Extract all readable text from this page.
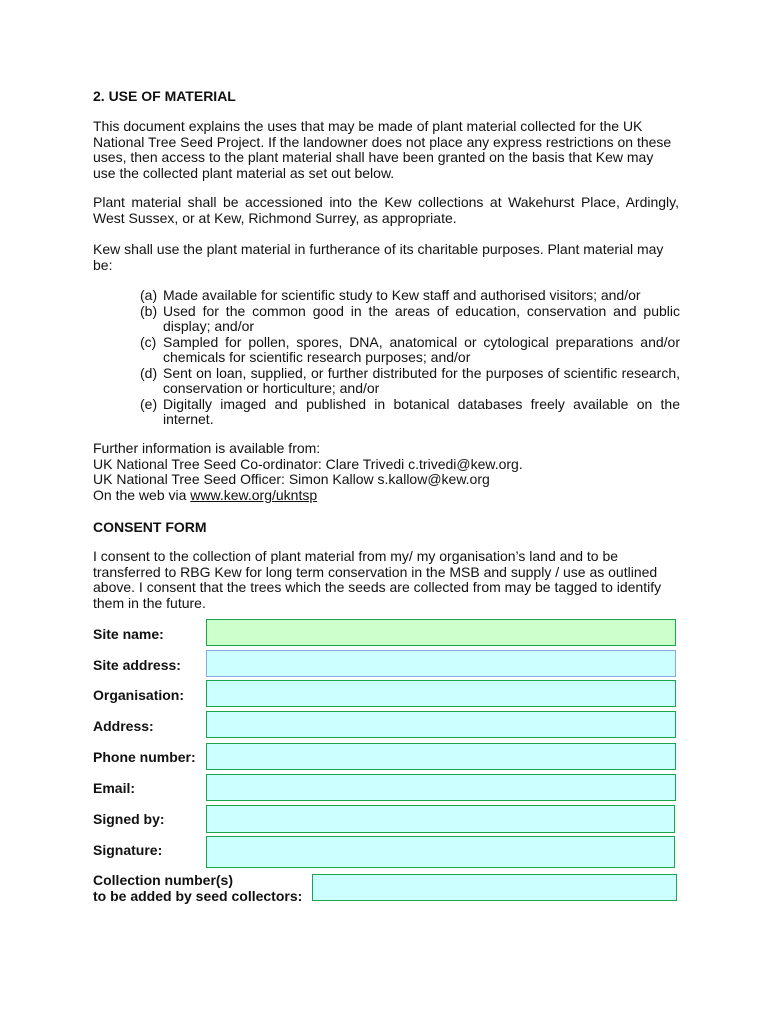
2. USE OF MATERIAL
This document explains the uses that may be made of plant material collected for the UK National Tree Seed Project. If the landowner does not place any express restrictions on these uses, then access to the plant material shall have been granted on the basis that Kew may use the collected plant material as set out below.
Plant material shall be accessioned into the Kew collections at Wakehurst Place, Ardingly, West Sussex, or at Kew, Richmond Surrey, as appropriate.
Kew shall use the plant material in furtherance of its charitable purposes. Plant material may be:
(a) Made available for scientific study to Kew staff and authorised visitors; and/or
(b) Used for the common good in the areas of education, conservation and public display; and/or
(c) Sampled for pollen, spores, DNA, anatomical or cytological preparations and/or chemicals for scientific research purposes; and/or
(d) Sent on loan, supplied, or further distributed for the purposes of scientific research, conservation or horticulture; and/or
(e) Digitally imaged and published in botanical databases freely available on the internet.
Further information is available from:
UK National Tree Seed Co-ordinator: Clare Trivedi c.trivedi@kew.org.
UK National Tree Seed Officer: Simon Kallow s.kallow@kew.org
On the web via www.kew.org/ukntsp
CONSENT FORM
I consent to the collection of plant material from my/ my organisation’s land and to be transferred to RBG Kew for long term conservation in the MSB and supply / use as outlined above. I consent that the trees which the seeds are collected from may be tagged to identify them in the future.
Site name:
Site address:
Organisation:
Address:
Phone number:
Email:
Signed by:
Signature:
Collection number(s)
to be added by seed collectors:
